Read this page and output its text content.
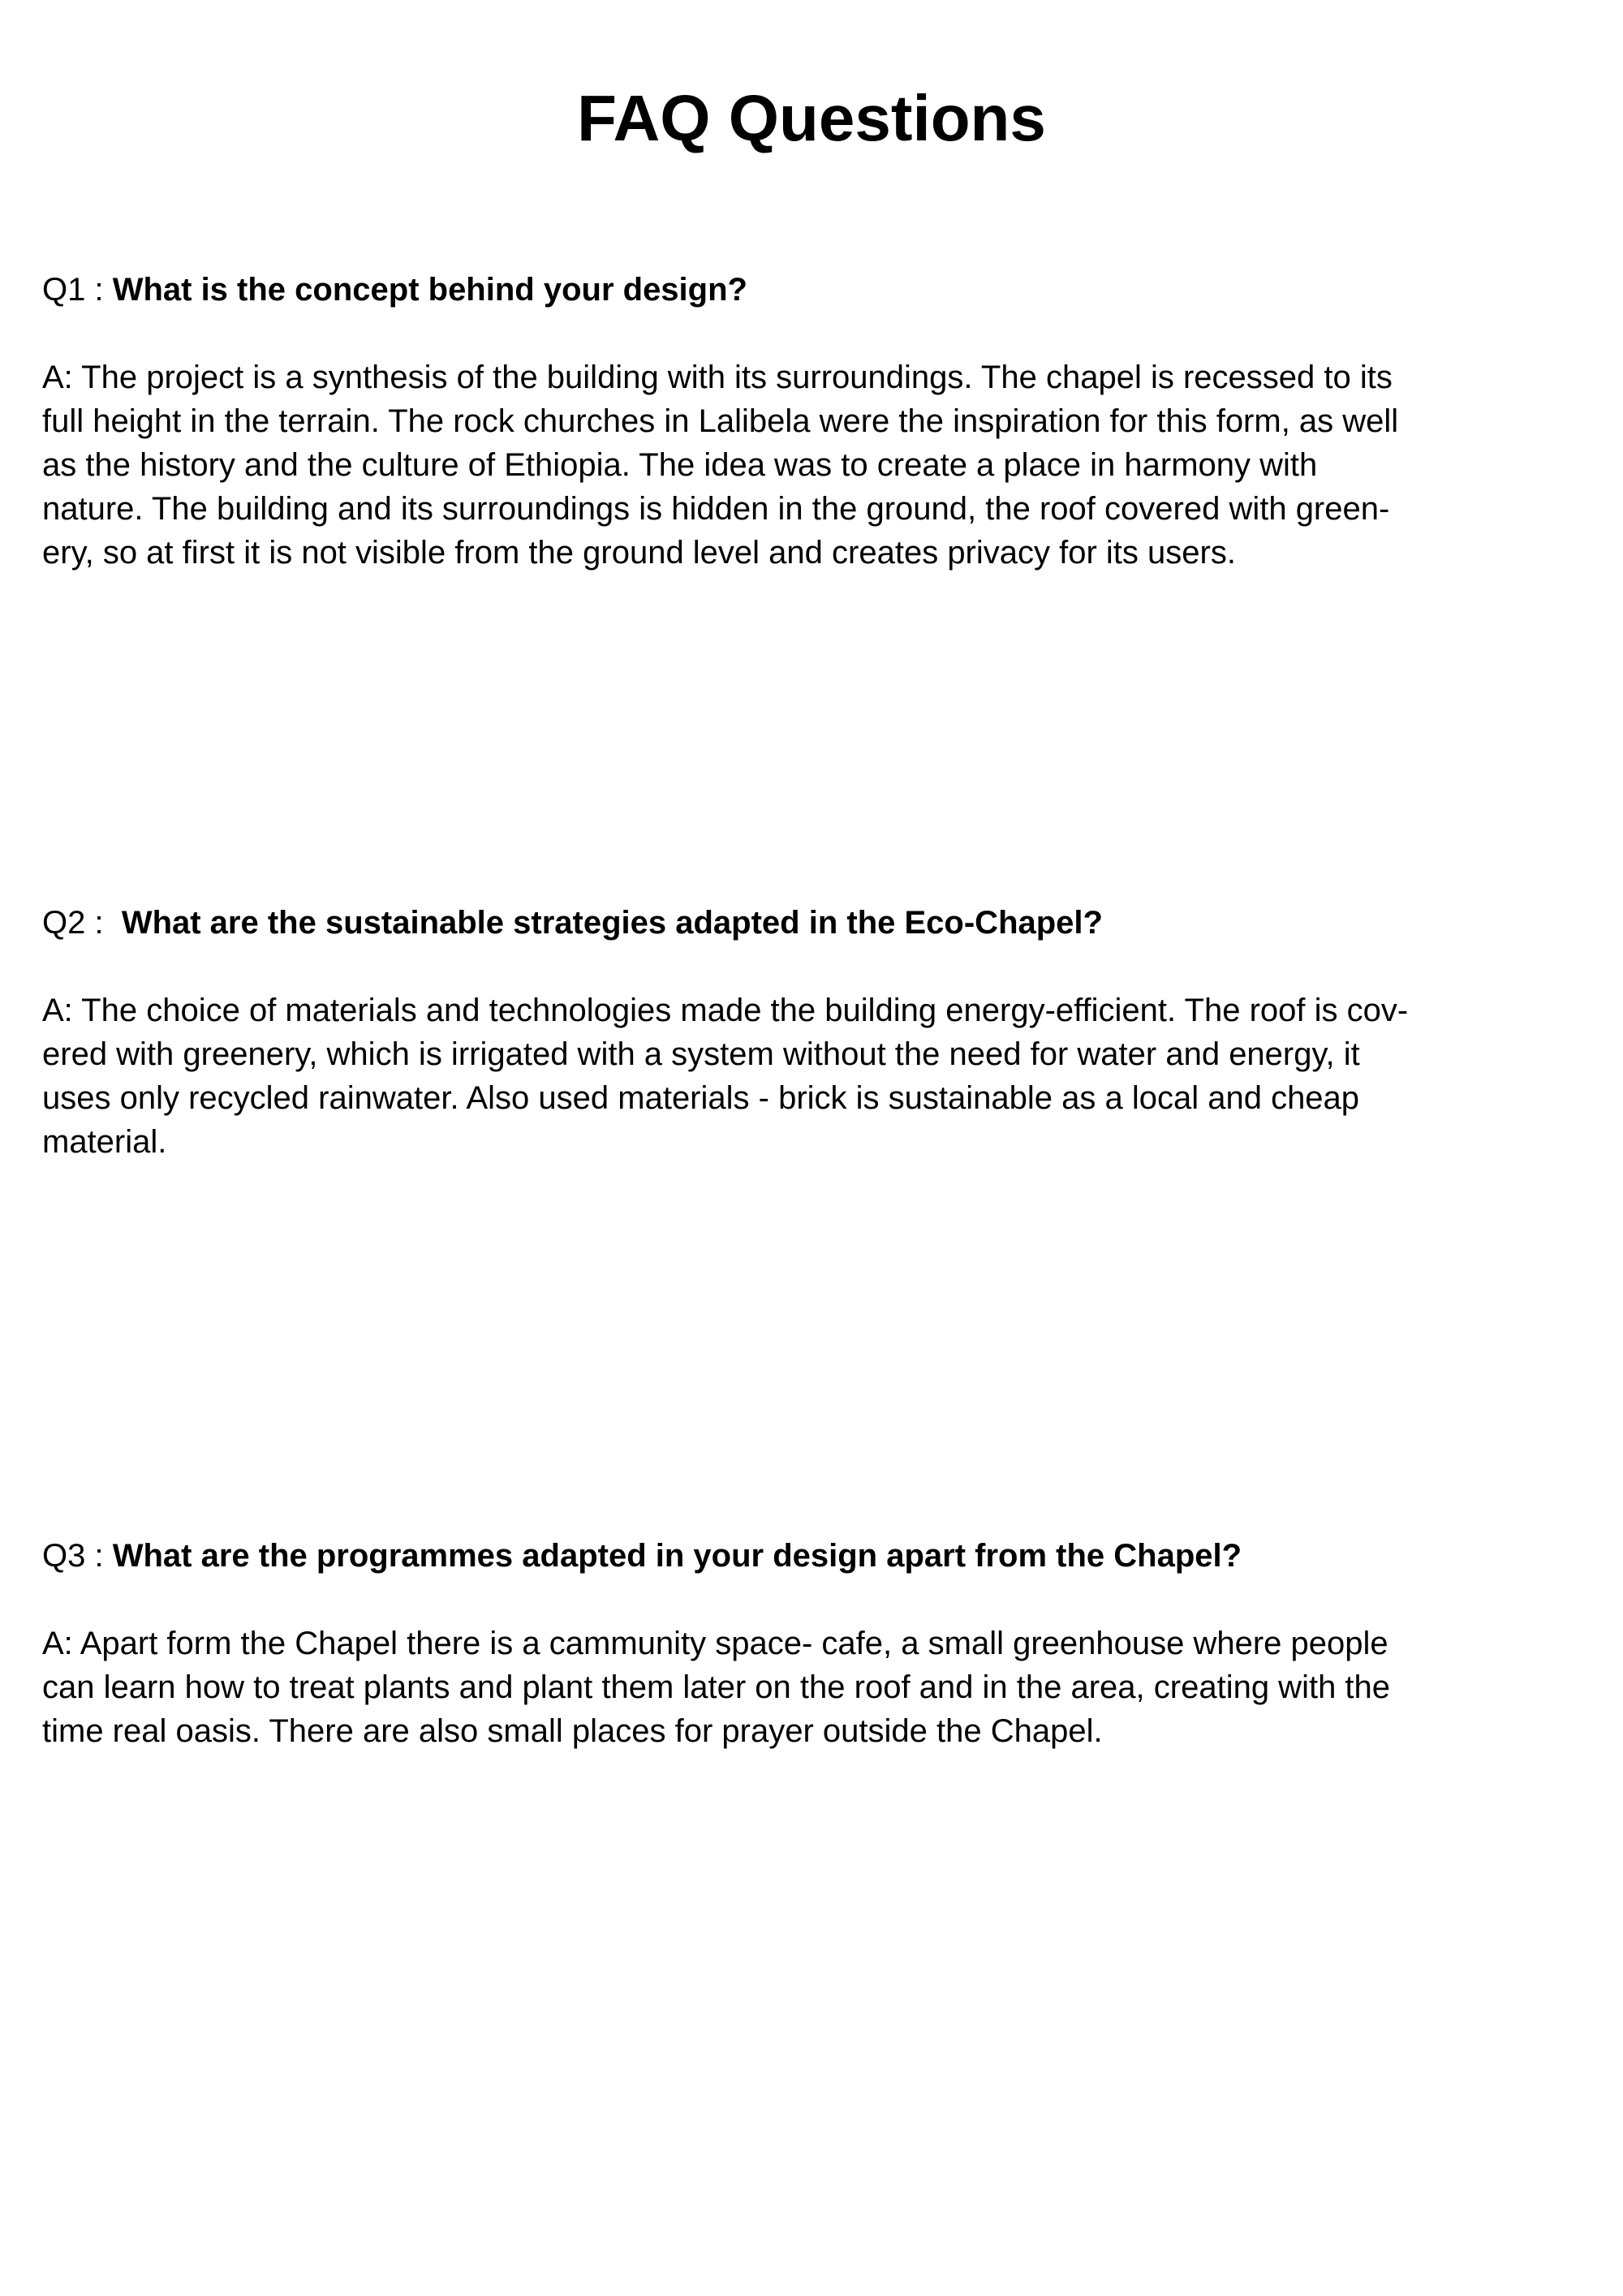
FAQ Questions

Q1 : What is the concept behind your design?

A: The project is a synthesis of the building with its surroundings. The chapel is recessed to its
full height in the terrain. The rock churches in Lalibela were the inspiration for this form, as well
as the history and the culture of Ethiopia. The idea was to create a place in harmony with
nature. The building and its surroundings is hidden in the ground, the roof covered with green-
ery, so at first it is not visible from the ground level and creates privacy for its users.

Q2 :  What are the sustainable strategies adapted in the Eco-Chapel?

A: The choice of materials and technologies made the building energy-efficient. The roof is cov-
ered with greenery, which is irrigated with a system without the need for water and energy, it
uses only recycled rainwater. Also used materials - brick is sustainable as a local and cheap
material.

Q3 : What are the programmes adapted in your design apart from the Chapel?

A: Apart form the Chapel there is a cammunity space- cafe, a small greenhouse where people
can learn how to treat plants and plant them later on the roof and in the area, creating with the
time real oasis. There are also small places for prayer outside the Chapel.
